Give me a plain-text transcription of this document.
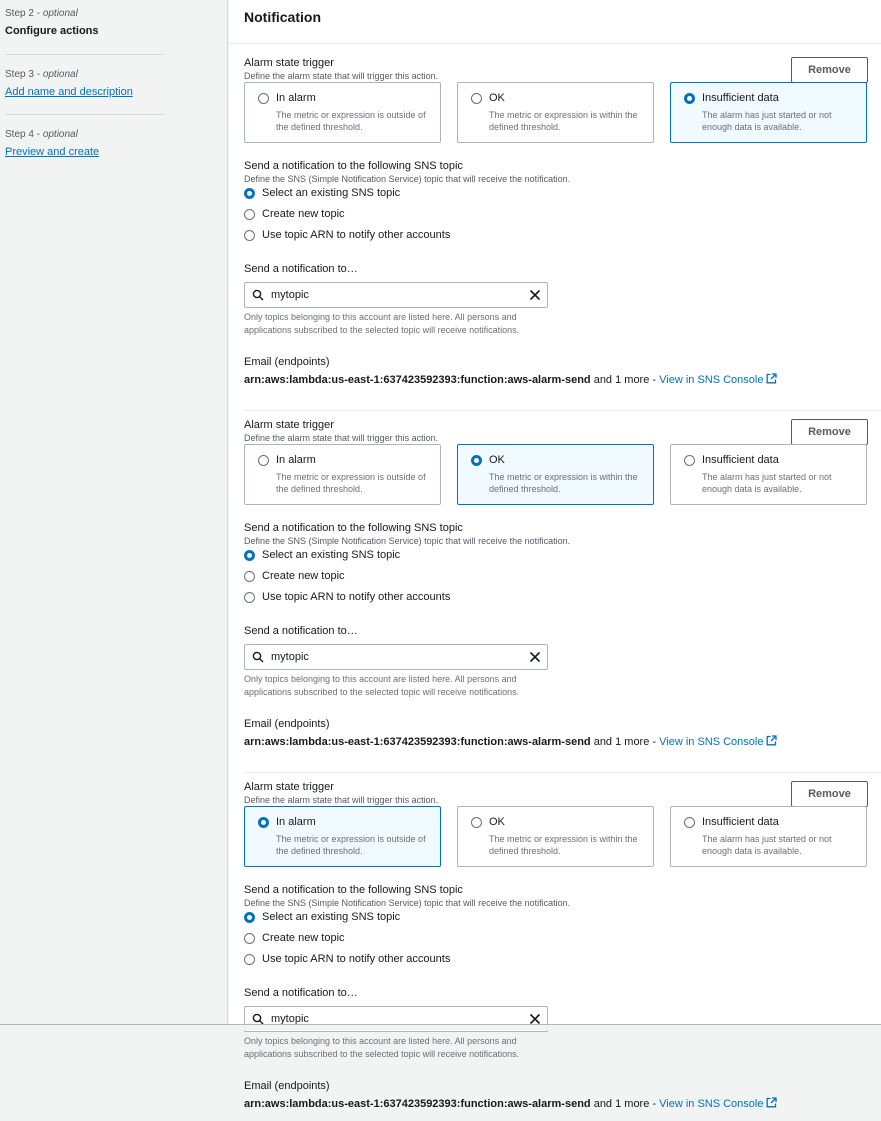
Step 2 - optional
Configure actions
Step 3 - optional
Add name and description
Step 4 - optional
Preview and create
Notification
Alarm state trigger
Define the alarm state that will trigger this action.	Remove
In alarm
The metric or expression is outside of the defined threshold.
OK
The metric or expression is within the defined threshold.
Insufficient data
The alarm has just started or not enough data is available.
Send a notification to the following SNS topic
Define the SNS (Simple Notification Service) topic that will receive the notification.
Select an existing SNS topic
Create new topic
Use topic ARN to notify other accounts
Send a notification to…
mytopic
Only topics belonging to this account are listed here. All persons and applications subscribed to the selected topic will receive notifications.
Email (endpoints)
arn:aws:lambda:us-east-1:637423592393:function:aws-alarm-send and 1 more - View in SNS Console
Alarm state trigger
Define the alarm state that will trigger this action.	Remove
In alarm
The metric or expression is outside of the defined threshold.
OK
The metric or expression is within the defined threshold.
Insufficient data
The alarm has just started or not enough data is available.
Send a notification to the following SNS topic
Define the SNS (Simple Notification Service) topic that will receive the notification.
Select an existing SNS topic
Create new topic
Use topic ARN to notify other accounts
Send a notification to…
mytopic
Only topics belonging to this account are listed here. All persons and applications subscribed to the selected topic will receive notifications.
Email (endpoints)
arn:aws:lambda:us-east-1:637423592393:function:aws-alarm-send and 1 more - View in SNS Console
Alarm state trigger
Define the alarm state that will trigger this action.	Remove
In alarm
The metric or expression is outside of the defined threshold.
OK
The metric or expression is within the defined threshold.
Insufficient data
The alarm has just started or not enough data is available.
Send a notification to the following SNS topic
Define the SNS (Simple Notification Service) topic that will receive the notification.
Select an existing SNS topic
Create new topic
Use topic ARN to notify other accounts
Send a notification to…
mytopic
Only topics belonging to this account are listed here. All persons and applications subscribed to the selected topic will receive notifications.
Email (endpoints)
arn:aws:lambda:us-east-1:637423592393:function:aws-alarm-send and 1 more - View in SNS Console
